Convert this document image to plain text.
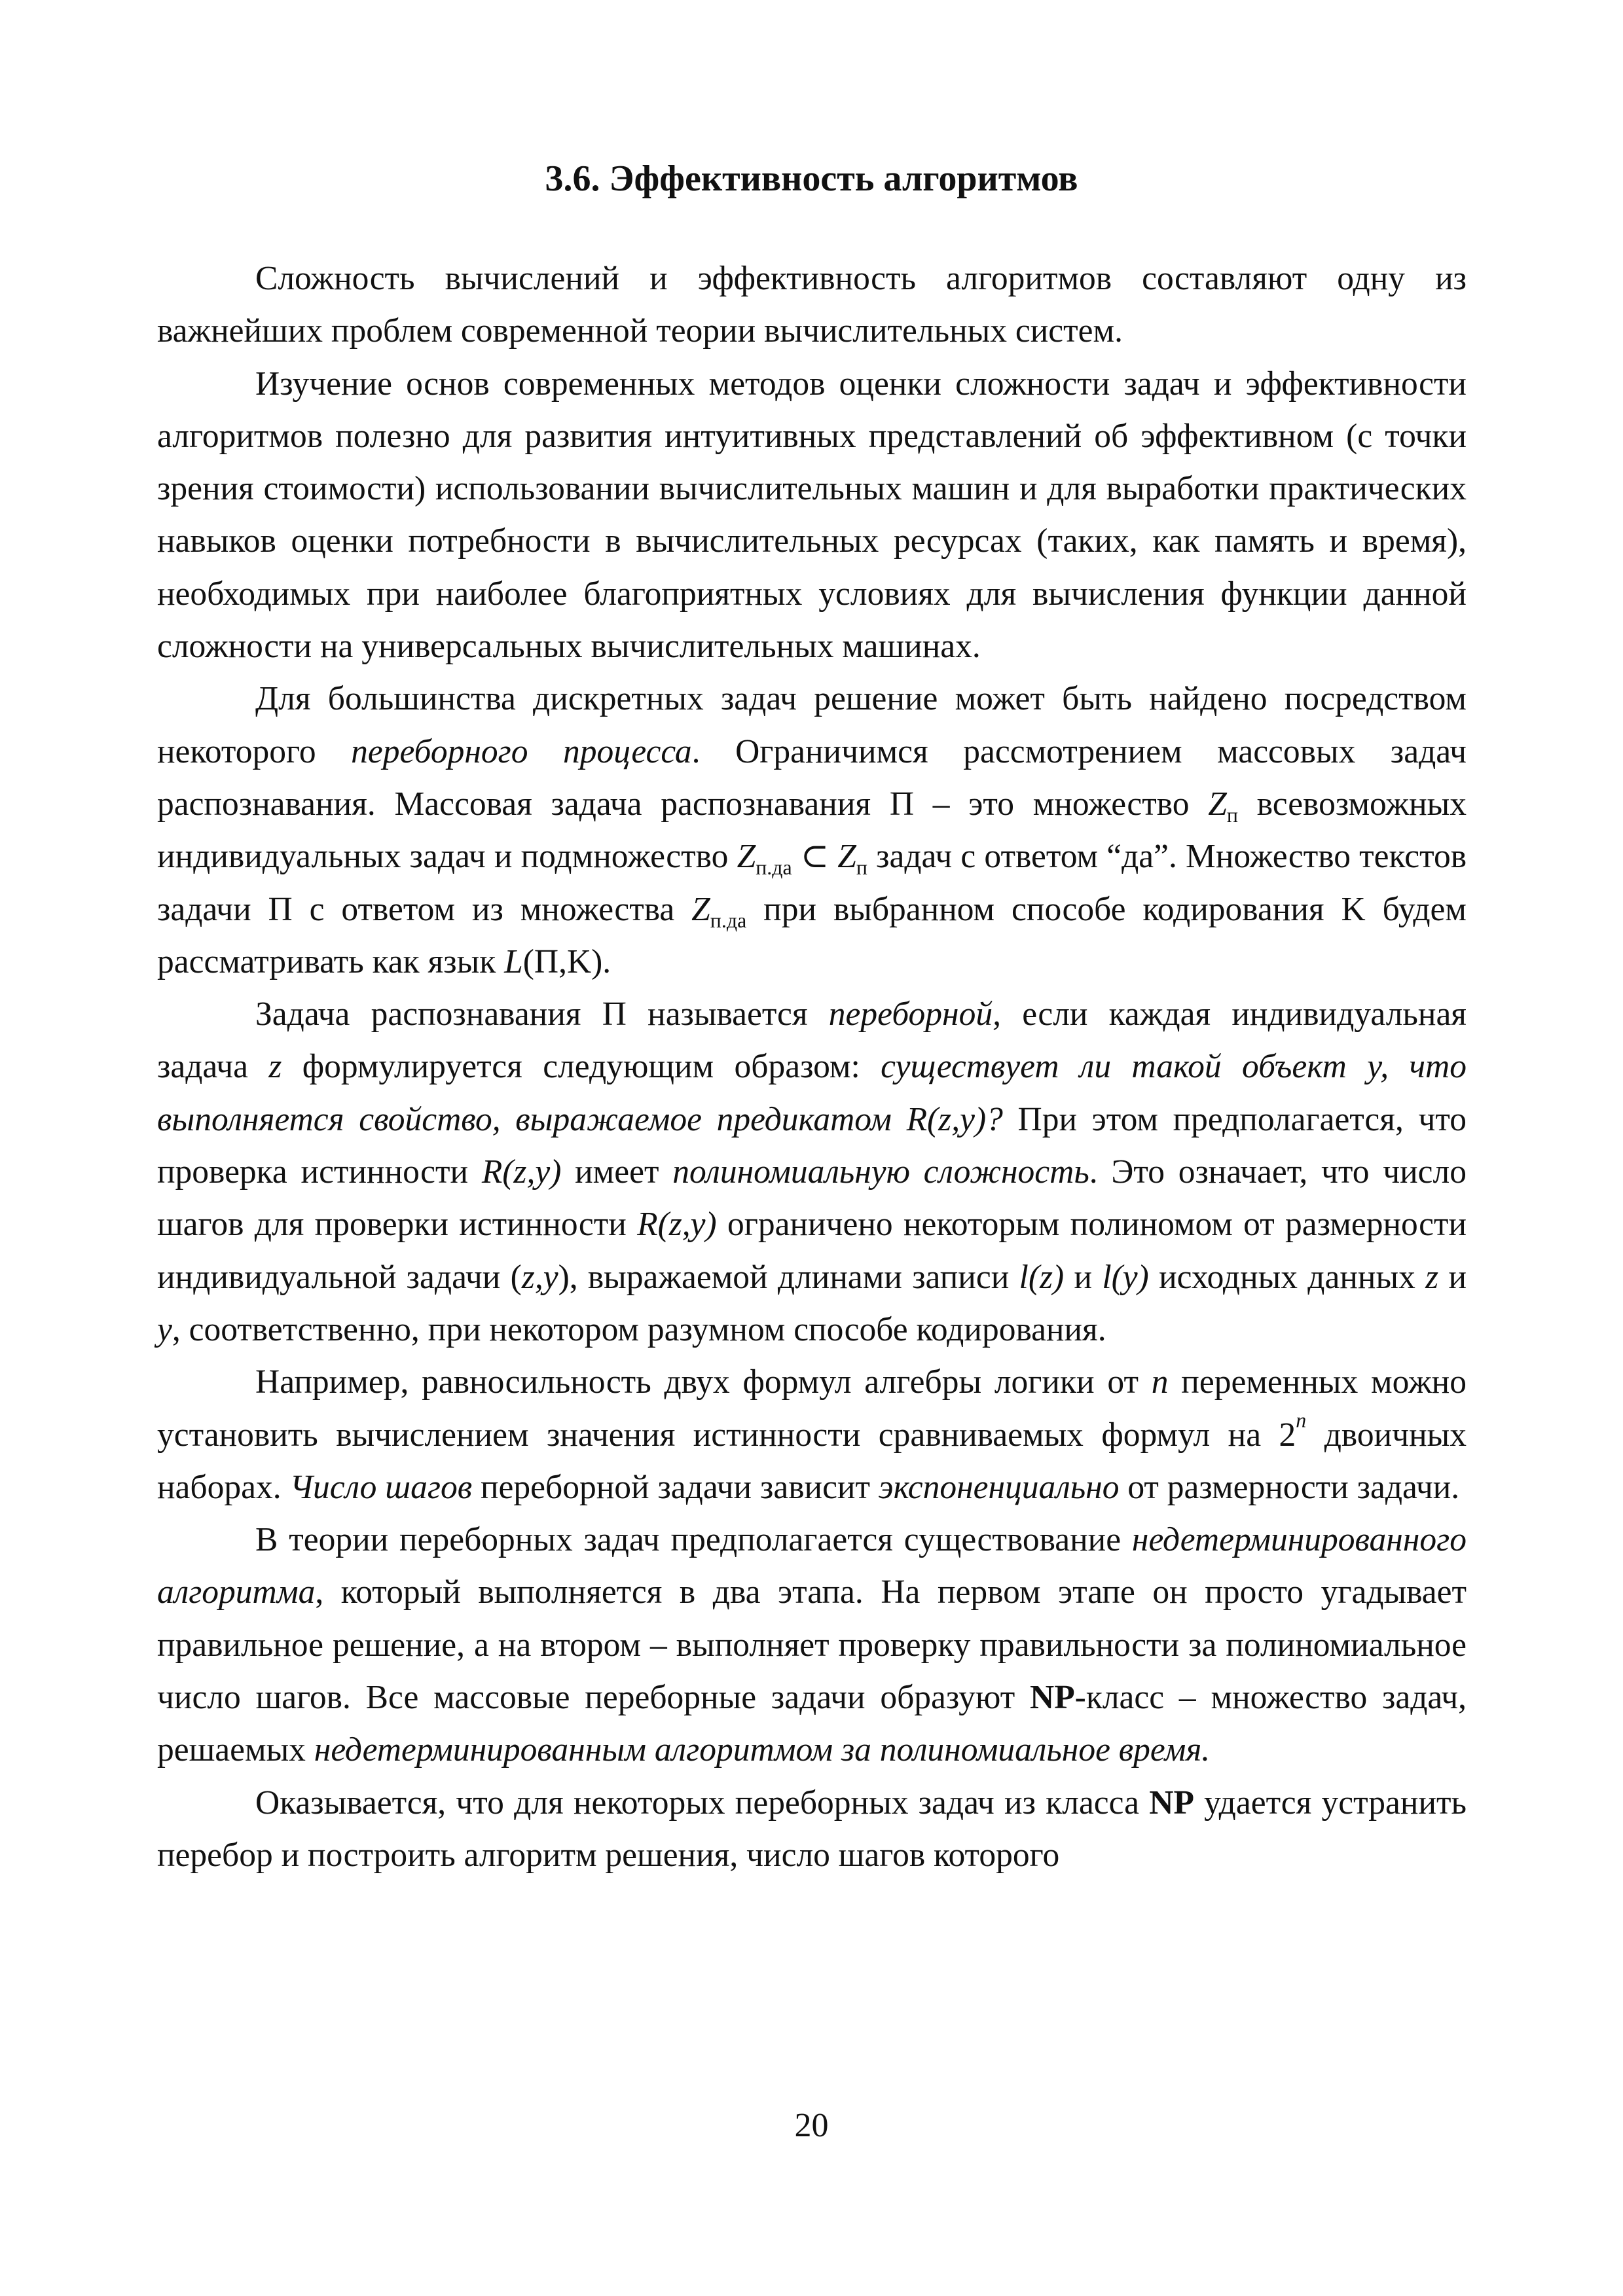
3.6. Эффективность алгоритмов

Сложность вычислений и эффективность алгоритмов составляют одну из важнейших проблем современной теории вычислительных систем.

Изучение основ современных методов оценки сложности задач и эффективности алгоритмов полезно для развития интуитивных представлений об эффективном (с точки зрения стоимости) использовании вычислительных машин и для выработки практических навыков оценки потребности в вычислительных ресурсах (таких, как память и время), необходимых при наиболее благоприятных условиях для вычисления функции данной сложности на универсальных вычислительных машинах.

Для большинства дискретных задач решение может быть найдено посредством некоторого переборного процесса. Ограничимся рассмотрением массовых задач распознавания. Массовая задача распознавания П – это множество $Z_п$ всевозможных индивидуальных задач и подмножество $Z_{п.да}$ ⊂ $Z_п$ задач с ответом “да”. Множество текстов задачи П с ответом из множества $Z_{п.да}$ при выбранном способе кодирования K будем рассматривать как язык L(П,K).

Задача распознавания П называется переборной, если каждая индивидуальная задача z формулируется следующим образом: существует ли такой объект y, что выполняется свойство, выражаемое предикатом R(z,y)? При этом предполагается, что проверка истинности R(z,y) имеет полиномиальную сложность. Это означает, что число шагов для проверки истинности R(z,y) ограничено некоторым полиномом от размерности индивидуальной задачи (z,y), выражаемой длинами записи l(z) и l(y) исходных данных z и y, соответственно, при некотором разумном способе кодирования.

Например, равносильность двух формул алгебры логики от n переменных можно установить вычислением значения истинности сравниваемых формул на 2$^n$ двоичных наборах. Число шагов переборной задачи зависит экспоненциально от размерности задачи.

В теории переборных задач предполагается существование недетерминированного алгоритма, который выполняется в два этапа. На первом этапе он просто угадывает правильное решение, а на втором – выполняет проверку правильности за полиномиальное число шагов. Все массовые переборные задачи образуют NP-класс – множество задач, решаемых недетерминированным алгоритмом за полиномиальное время.

Оказывается, что для некоторых переборных задач из класса NP удается устранить перебор и построить алгоритм решения, число шагов которого

20
